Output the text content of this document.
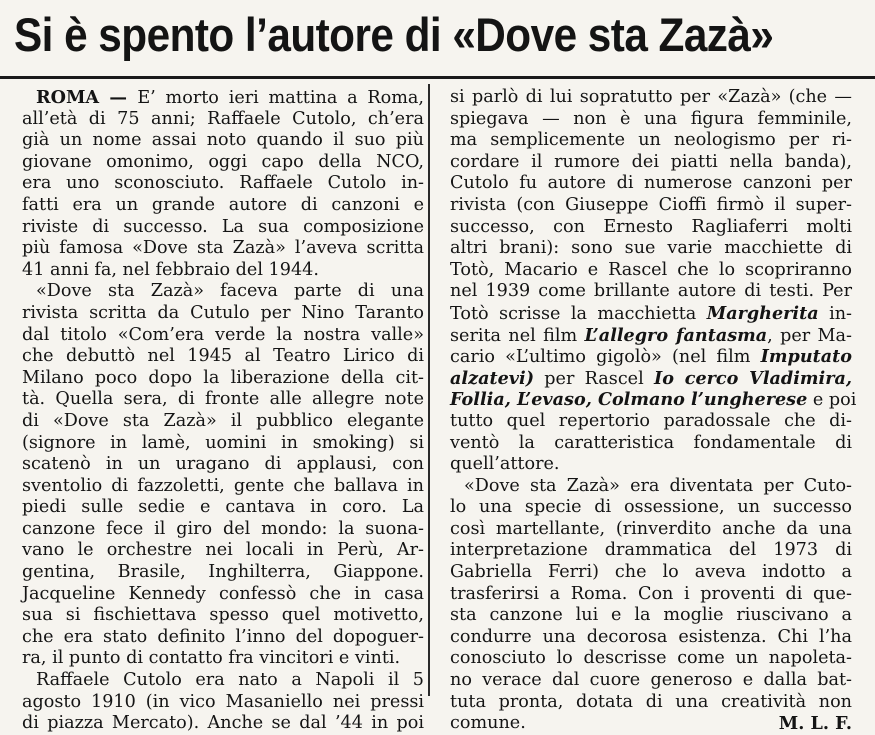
Si è spento l’autore di «Dove sta Zazà»
ROMA — E’ morto ieri mattina a Roma,
all’età di 75 anni; Raffaele Cutolo, ch’era
già un nome assai noto quando il suo più
giovane omonimo, oggi capo della NCO,
era uno sconosciuto. Raffaele Cutolo in-
fatti era un grande autore di canzoni e
riviste di successo. La sua composizione
più famosa «Dove sta Zazà» l’aveva scritta
41 anni fa, nel febbraio del 1944.
«Dove sta Zazà» faceva parte di una
rivista scritta da Cutulo per Nino Taranto
dal titolo «Com’era verde la nostra valle»
che debuttò nel 1945 al Teatro Lirico di
Milano poco dopo la liberazione della cit-
tà. Quella sera, di fronte alle allegre note
di «Dove sta Zazà» il pubblico elegante
(signore in lamè, uomini in smoking) si
scatenò in un uragano di applausi, con
sventolio di fazzoletti, gente che ballava in
piedi sulle sedie e cantava in coro. La
canzone fece il giro del mondo: la suona-
vano le orchestre nei locali in Perù, Ar-
gentina, Brasile, Inghilterra, Giappone.
Jacqueline Kennedy confessò che in casa
sua si fischiettava spesso quel motivetto,
che era stato definito l’inno del dopoguer-
ra, il punto di contatto fra vincitori e vinti.
Raffaele Cutolo era nato a Napoli il 5
agosto 1910 (in vico Masaniello nei pressi
di piazza Mercato). Anche se dal ’44 in poi
si parlò di lui sopratutto per «Zazà» (che —
spiegava — non è una figura femminile,
ma semplicemente un neologismo per ri-
cordare il rumore dei piatti nella banda),
Cutolo fu autore di numerose canzoni per
rivista (con Giuseppe Cioffi firmò il super-
successo, con Ernesto Ragliaferri molti
altri brani): sono sue varie macchiette di
Totò, Macario e Rascel che lo scopriranno
nel 1939 come brillante autore di testi. Per
Totò scrisse la macchietta Margherita in-
serita nel film L’allegro fantasma, per Ma-
cario «L’ultimo gigolò» (nel film Imputato
alzatevi) per Rascel Io cerco Vladimira,
Follia, L’evaso, Colmano l’ungherese e poi
tutto quel repertorio paradossale che di-
ventò la caratteristica fondamentale di
quell’attore.
«Dove sta Zazà» era diventata per Cuto-
lo una specie di ossessione, un successo
così martellante, (rinverdito anche da una
interpretazione drammatica del 1973 di
Gabriella Ferri) che lo aveva indotto a
trasferirsi a Roma. Con i proventi di que-
sta canzone lui e la moglie riuscivano a
condurre una decorosa esistenza. Chi l’ha
conosciuto lo descrisse come un napoleta-
no verace dal cuore generoso e dalla bat-
tuta pronta, dotata di una creatività non
comune.	M. L. F.
